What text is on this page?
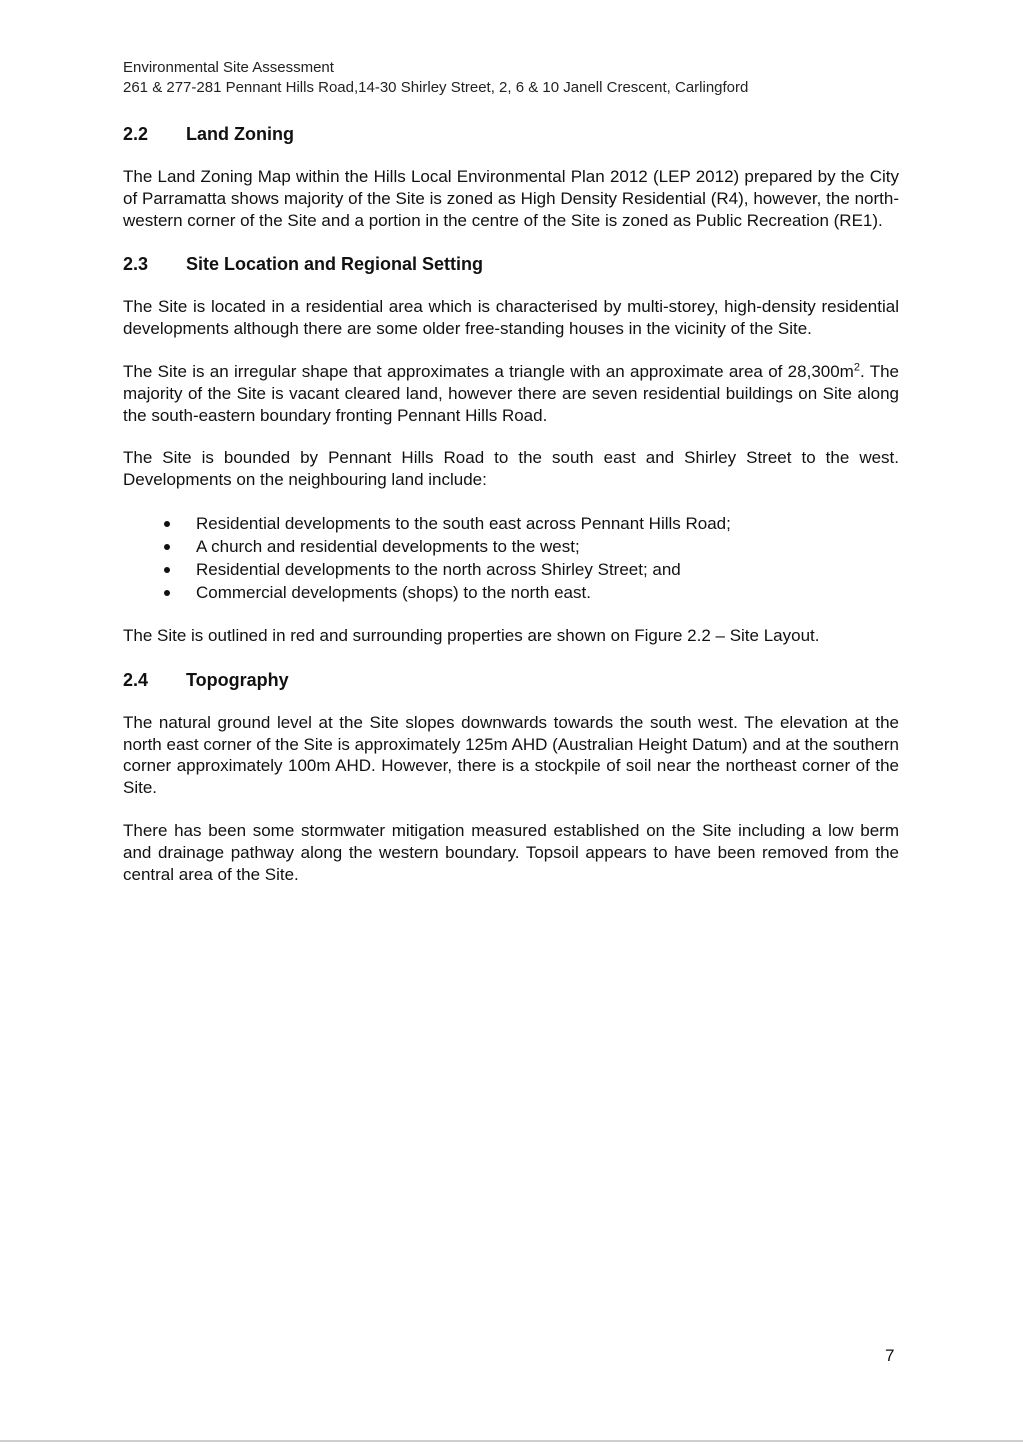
Environmental Site Assessment
261 & 277-281 Pennant Hills Road,14-30 Shirley Street, 2, 6 & 10 Janell Crescent, Carlingford
2.2	Land Zoning

The Land Zoning Map within the Hills Local Environmental Plan 2012 (LEP 2012) prepared by the City of Parramatta shows majority of the Site is zoned as High Density Residential (R4), however, the north-western corner of the Site and a portion in the centre of the Site is zoned as Public Recreation (RE1).

2.3	Site Location and Regional Setting

The Site is located in a residential area which is characterised by multi-storey, high-density residential developments although there are some older free-standing houses in the vicinity of the Site.

The Site is an irregular shape that approximates a triangle with an approximate area of $28,300m^2$. The majority of the Site is vacant cleared land, however there are seven residential buildings on Site along the south-eastern boundary fronting Pennant Hills Road.

The Site is bounded by Pennant Hills Road to the south east and Shirley Street to the west. Developments on the neighbouring land include:

Residential developments to the south east across Pennant Hills Road;
A church and residential developments to the west;
Residential developments to the north across Shirley Street; and
Commercial developments (shops) to the north east.

The Site is outlined in red and surrounding properties are shown on Figure 2.2 – Site Layout.

2.4	Topography

The natural ground level at the Site slopes downwards towards the south west. The elevation at the north east corner of the Site is approximately 125m AHD (Australian Height Datum) and at the southern corner approximately 100m AHD. However, there is a stockpile of soil near the northeast corner of the Site.

There has been some stormwater mitigation measured established on the Site including a low berm and drainage pathway along the western boundary. Topsoil appears to have been removed from the central area of the Site.

7
